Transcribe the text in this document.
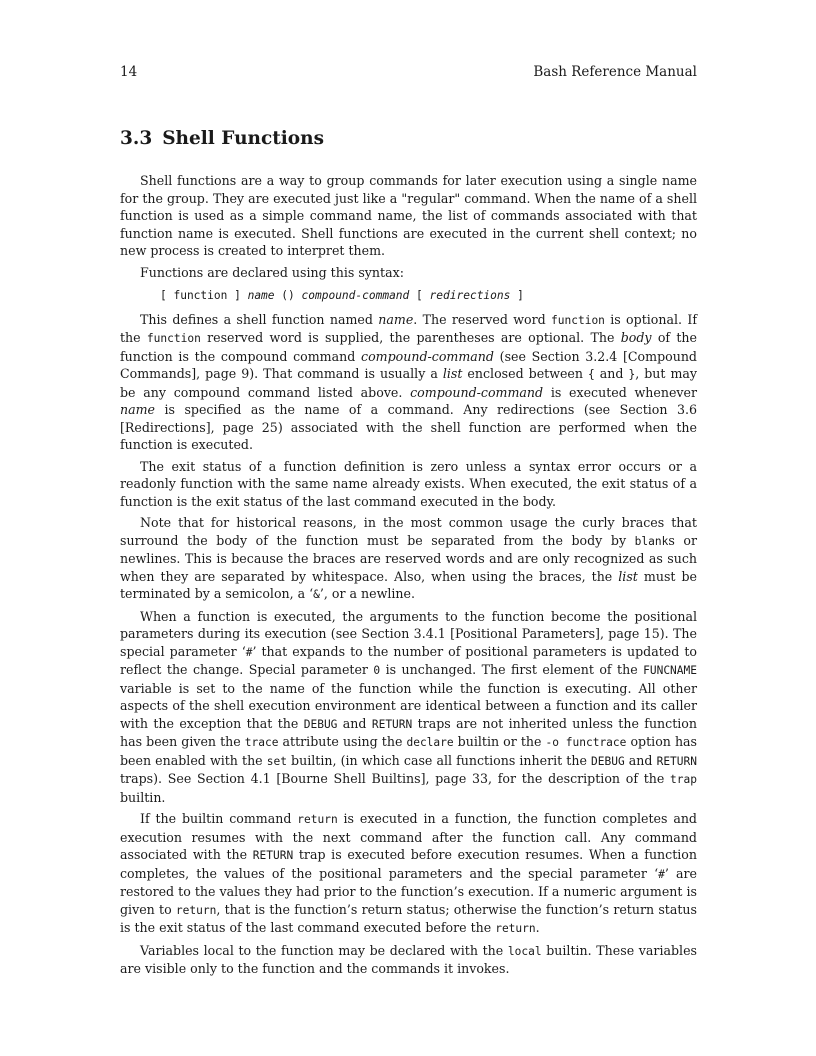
14	Bash Reference Manual
3.3 Shell Functions

Shell functions are a way to group commands for later execution using a single name for the group. They are executed just like a "regular" command. When the name of a shell function is used as a simple command name, the list of commands associated with that function name is executed. Shell functions are executed in the current shell context; no new process is created to interpret them.

Functions are declared using this syntax:

[ function ] name () compound-command [ redirections ]

This defines a shell function named name. The reserved word function is optional. If the function reserved word is supplied, the parentheses are optional. The body of the function is the compound command compound-command (see Section 3.2.4 [Compound Commands], page 9). That command is usually a list enclosed between { and }, but may be any compound command listed above. compound-command is executed whenever name is specified as the name of a command. Any redirections (see Section 3.6 [Redirections], page 25) associated with the shell function are performed when the function is executed.

The exit status of a function definition is zero unless a syntax error occurs or a readonly function with the same name already exists. When executed, the exit status of a function is the exit status of the last command executed in the body.

Note that for historical reasons, in the most common usage the curly braces that surround the body of the function must be separated from the body by blanks or newlines. This is because the braces are reserved words and are only recognized as such when they are separated by whitespace. Also, when using the braces, the list must be terminated by a semicolon, a ‘&’, or a newline.

When a function is executed, the arguments to the function become the positional parameters during its execution (see Section 3.4.1 [Positional Parameters], page 15). The special parameter ‘#’ that expands to the number of positional parameters is updated to reflect the change. Special parameter 0 is unchanged. The first element of the FUNCNAME variable is set to the name of the function while the function is executing. All other aspects of the shell execution environment are identical between a function and its caller with the exception that the DEBUG and RETURN traps are not inherited unless the function has been given the trace attribute using the declare builtin or the -o functrace option has been enabled with the set builtin, (in which case all functions inherit the DEBUG and RETURN traps). See Section 4.1 [Bourne Shell Builtins], page 33, for the description of the trap builtin.

If the builtin command return is executed in a function, the function completes and execution resumes with the next command after the function call. Any command associated with the RETURN trap is executed before execution resumes. When a function completes, the values of the positional parameters and the special parameter ‘#’ are restored to the values they had prior to the function’s execution. If a numeric argument is given to return, that is the function’s return status; otherwise the function’s return status is the exit status of the last command executed before the return.

Variables local to the function may be declared with the local builtin. These variables are visible only to the function and the commands it invokes.
